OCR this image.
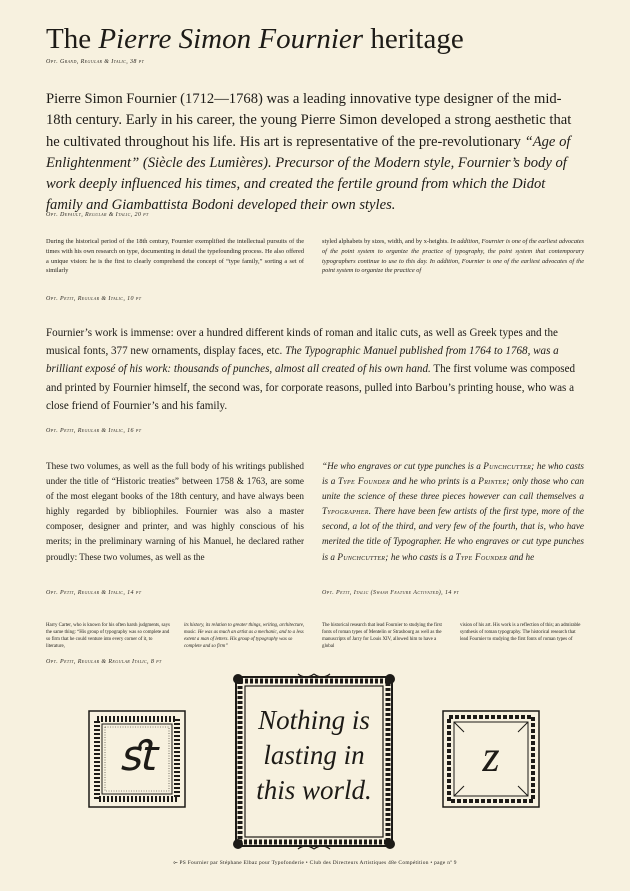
The Pierre Simon Fournier heritage
Opt. Grand, Regular & Italic, 38 pt
Pierre Simon Fournier (1712—1768) was a leading innovative type designer of the mid-18th century. Early in his career, the young Pierre Simon developed a strong aesthetic that he cultivated throughout his life. His art is representative of the pre-revolutionary “Age of Enlightenment” (Siècle des Lumières). Precursor of the Modern style, Fournier’s body of work deeply influenced his times, and created the fertile ground from which the Didot family and Giambattista Bodoni developed their own styles.
Opt. Default, Regular & Italic, 20 pt
During the historical period of the 18th century, Fournier exemplified the intellectual pursuits of the times with his own research on type, documenting in detail the typefounding process. He also offered a unique vision: he is the first to clearly comprehend the concept of “type family,” sorting a set of similarly
styled alphabets by sizes, width, and by x-heights. In addition, Fournier is one of the earliest advocates of the point system to organize the practice of typography, the point system that contemporary typographers continue to use to this day. In addition, Fournier is one of the earliest advocates of the point system to organize the practice of
Opt. Petit, Regular & Italic, 10 pt
Fournier’s work is immense: over a hundred different kinds of roman and italic cuts, as well as Greek types and the musical fonts, 377 new ornaments, display faces, etc. The Typographic Manuel published from 1764 to 1768, was a brilliant exposé of his work: thousands of punches, almost all created of his own hand. The first volume was composed and printed by Fournier himself, the second was, for corporate reasons, pulled into Barbou’s printing house, who was a close friend of Fournier’s and his family.
Opt. Petit, Regular & Italic, 16 pt
These two volumes, as well as the full body of his writings published under the title of “Historic treaties” between 1758 & 1763, are some of the most elegant books of the 18th century, and have always been highly regarded by bibliophiles. Fournier was also a master composer, designer and printer, and was highly conscious of his merits; in the preliminary warning of his Manuel, he declared rather proudly: These two volumes, as well as the
Opt. Petit, Regular & Italic, 14 pt
“He who engraves or cut type punches is a Punchcutter; he who casts is a Type Founder and he who prints is a Printer; only those who can unite the science of these three pieces however can call themselves a Typographer. There have been few artists of the first type, more of the second, a lot of the third, and very few of the fourth, that is, who have merited the title of Typographer. He who engraves or cut type punches is a Punchcutter; he who casts is a Type Founder and he
Opt. Petit, Italic (Swash Feature Activated), 14 pt
Harry Carter, who is known for his often harsh judgments, says the same thing: “His group of typography was so complete and so firm that he could venture into every corner of it, to literature,
its history, its relation to greater things, writing, architecture, music. He was as much an artist as a mechanic, and to a less extent a man of letters. His group of typography was so complete and so firm”
The historical research that lead Fournier to studying the first fonts of roman types of Mentelin or Strasbourg as well as the manuscripts of Jarry for Louis XIV, allowed him to have a global
vision of his art. His work is a reflection of this; an admirable synthesis of roman typography. The historical research that lead Fournier to studying the first fonts of roman types of
Opt. Petit, Regular & Regular Italic, 8 pt
ﬆ
Nothing is
lasting in
this world.
z
⟜ PS Fournier par Stéphane Elbaz pour Typofonderie • Club des Directeurs Artistiques 48e Compétition • page nº 9
